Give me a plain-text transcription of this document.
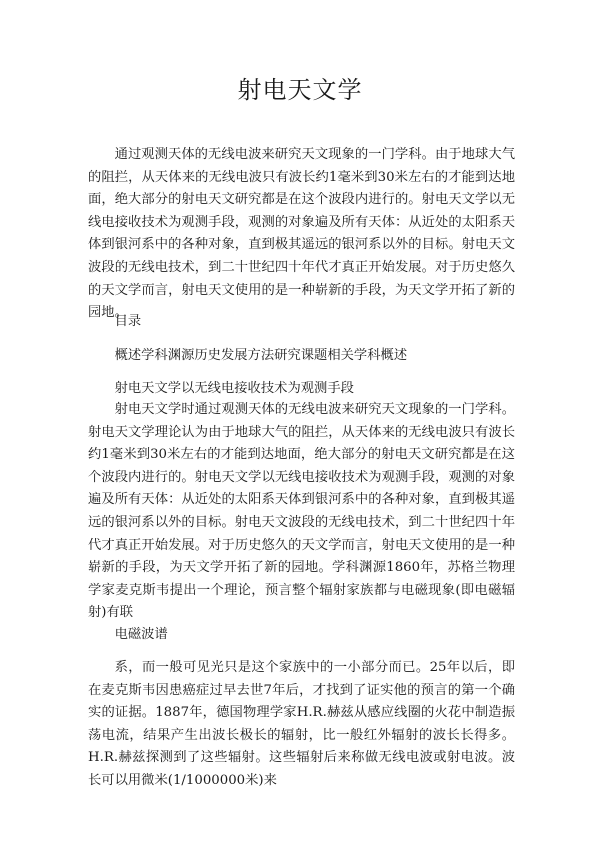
射电天文学

通过观测天体的无线电波来研究天文现象的一门学科。由于地球大气的阻拦，从天体来的无线电波只有波长约1毫米到30米左右的才能到达地面，绝大部分的射电天文研究都是在这个波段内进行的。射电天文学以无线电接收技术为观测手段，观测的对象遍及所有天体：从近处的太阳系天体到银河系中的各种对象，直到极其遥远的银河系以外的目标。射电天文波段的无线电技术，到二十世纪四十年代才真正开始发展。对于历史悠久的天文学而言，射电天文使用的是一种崭新的手段，为天文学开拓了新的园地。

目录

概述学科渊源历史发展方法研究课题相关学科概述

射电天文学以无线电接收技术为观测手段

射电天文学时通过观测天体的无线电波来研究天文现象的一门学科。射电天文学理论认为由于地球大气的阻拦，从天体来的无线电波只有波长约1毫米到30米左右的才能到达地面，绝大部分的射电天文研究都是在这个波段内进行的。射电天文学以无线电接收技术为观测手段，观测的对象遍及所有天体：从近处的太阳系天体到银河系中的各种对象，直到极其遥远的银河系以外的目标。射电天文波段的无线电技术，到二十世纪四十年代才真正开始发展。对于历史悠久的天文学而言，射电天文使用的是一种崭新的手段，为天文学开拓了新的园地。学科渊源1860年，苏格兰物理学家麦克斯韦提出一个理论，预言整个辐射家族都与电磁现象(即电磁辐射)有联

电磁波谱

系，而一般可见光只是这个家族中的一小部分而已。25年以后，即在麦克斯韦因患癌症过早去世7年后，才找到了证实他的预言的第一个确实的证据。1887年，德国物理学家H.R.赫兹从感应线圈的火花中制造振荡电流，结果产生出波长极长的辐射，比一般红外辐射的波长长得多。H.R.赫兹探测到了这些辐射。这些辐射后来称做无线电波或射电波。波长可以用微米(1/1000000米)来
